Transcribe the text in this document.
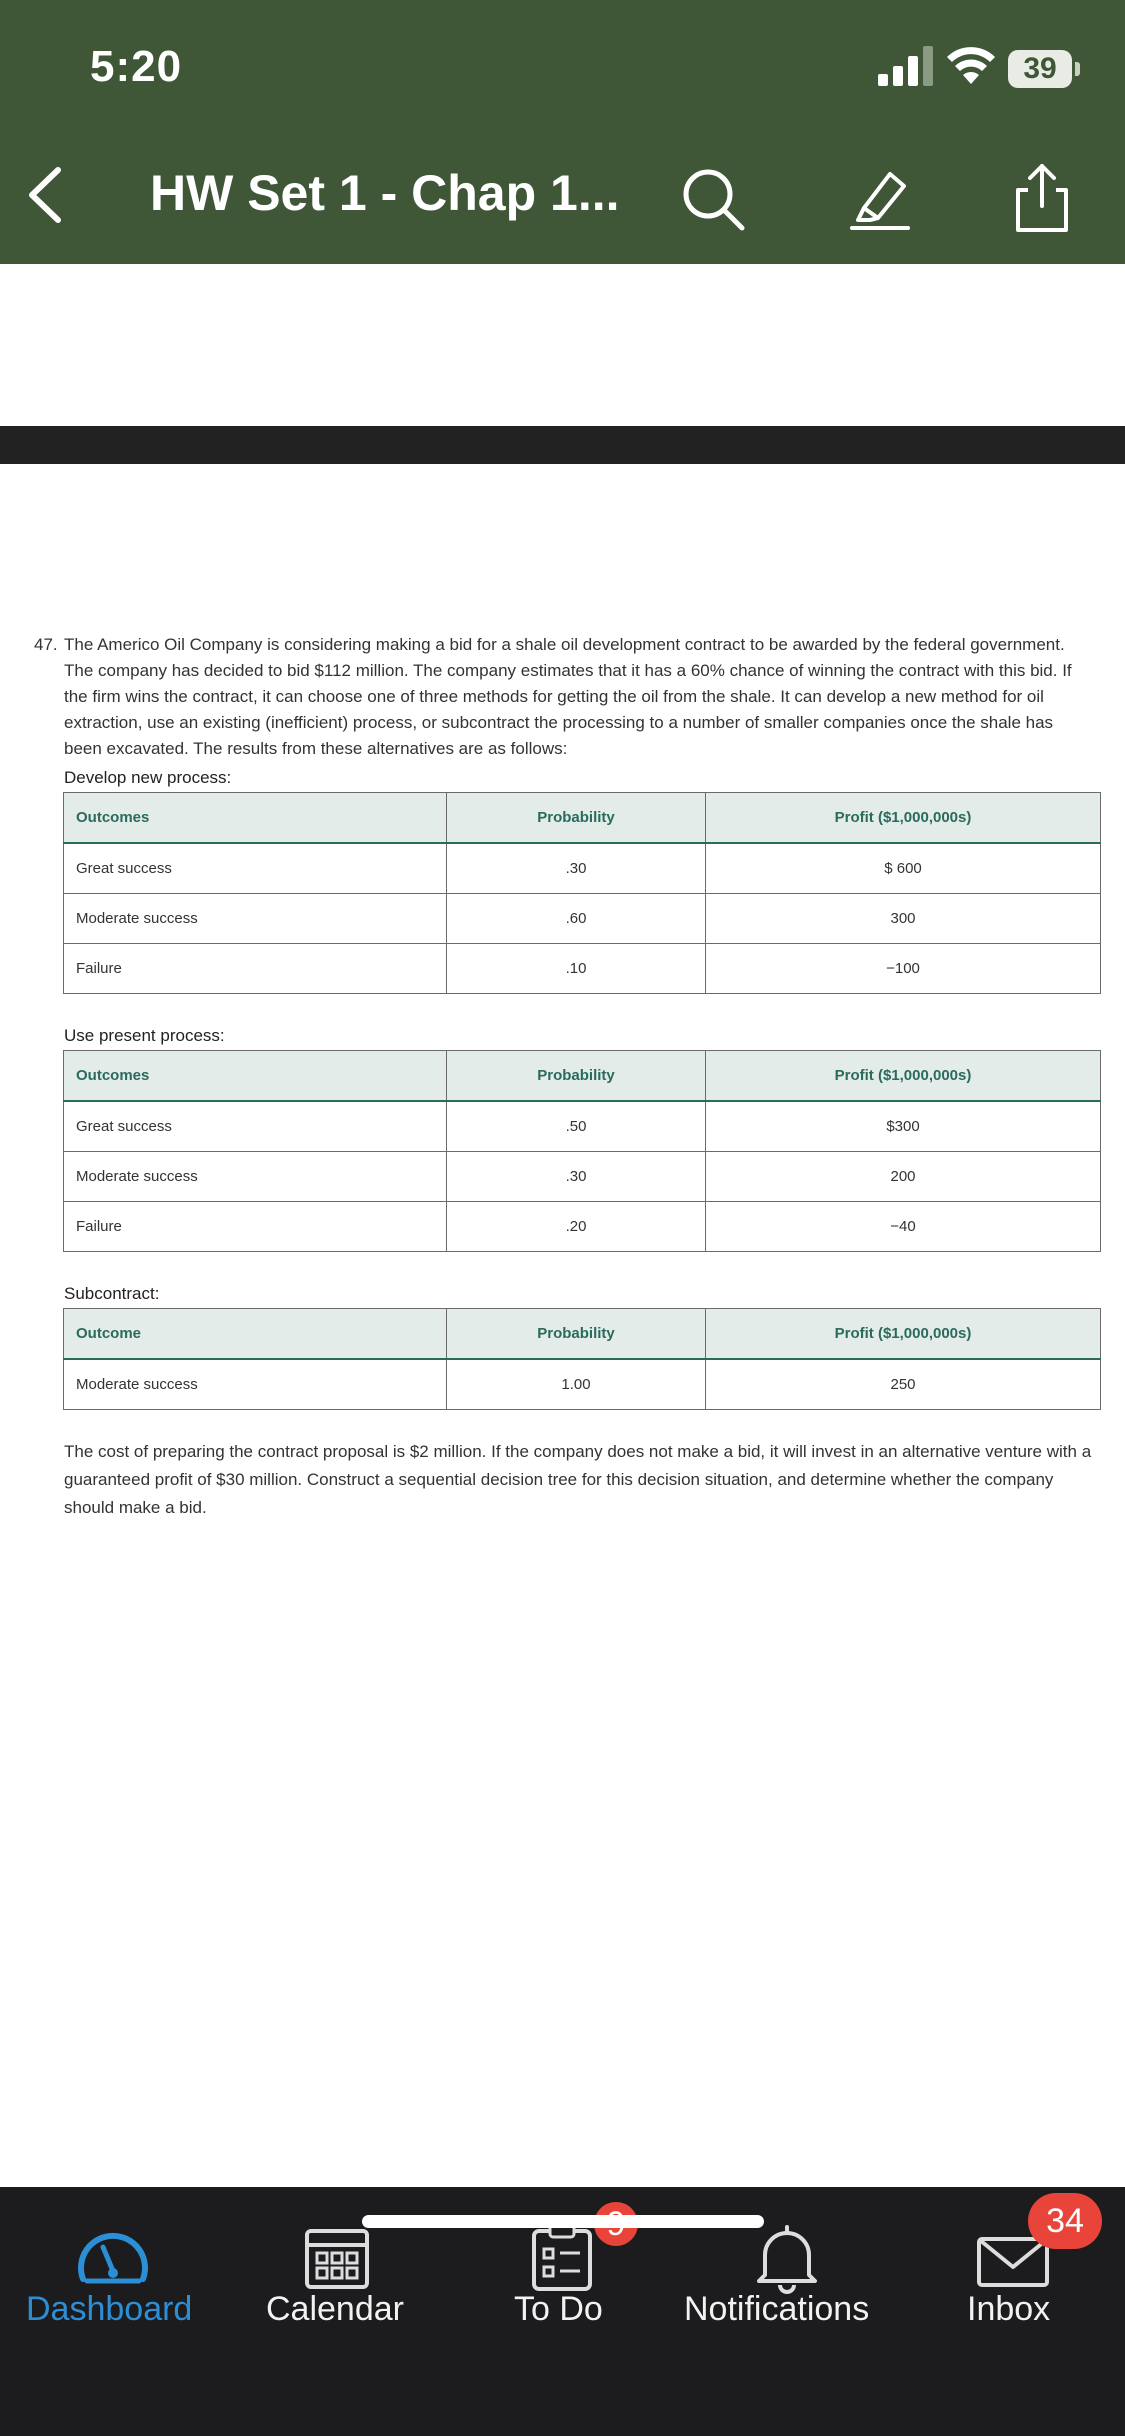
5:20	39
HW Set 1 - Chap 1...
47. The Americo Oil Company is considering making a bid for a shale oil development contract to be awarded by the federal government. The company has decided to bid $112 million. The company estimates that it has a 60% chance of winning the contract with this bid. If the firm wins the contract, it can choose one of three methods for getting the oil from the shale. It can develop a new method for oil extraction, use an existing (inefficient) process, or subcontract the processing to a number of smaller companies once the shale has been excavated. The results from these alternatives are as follows:
Develop new process:
Outcomes	Probability	Profit ($1,000,000s)
Great success	.30	$ 600
Moderate success	.60	300
Failure	.10	−100
Use present process:
Outcomes	Probability	Profit ($1,000,000s)
Great success	.50	$300
Moderate success	.30	200
Failure	.20	−40
Subcontract:
Outcome	Probability	Profit ($1,000,000s)
Moderate success	1.00	250
The cost of preparing the contract proposal is $2 million. If the company does not make a bid, it will invest in an alternative venture with a guaranteed profit of $30 million. Construct a sequential decision tree for this decision situation, and determine whether the company should make a bid.
Dashboard Calendar	To Do Notifications
34
Inbox
